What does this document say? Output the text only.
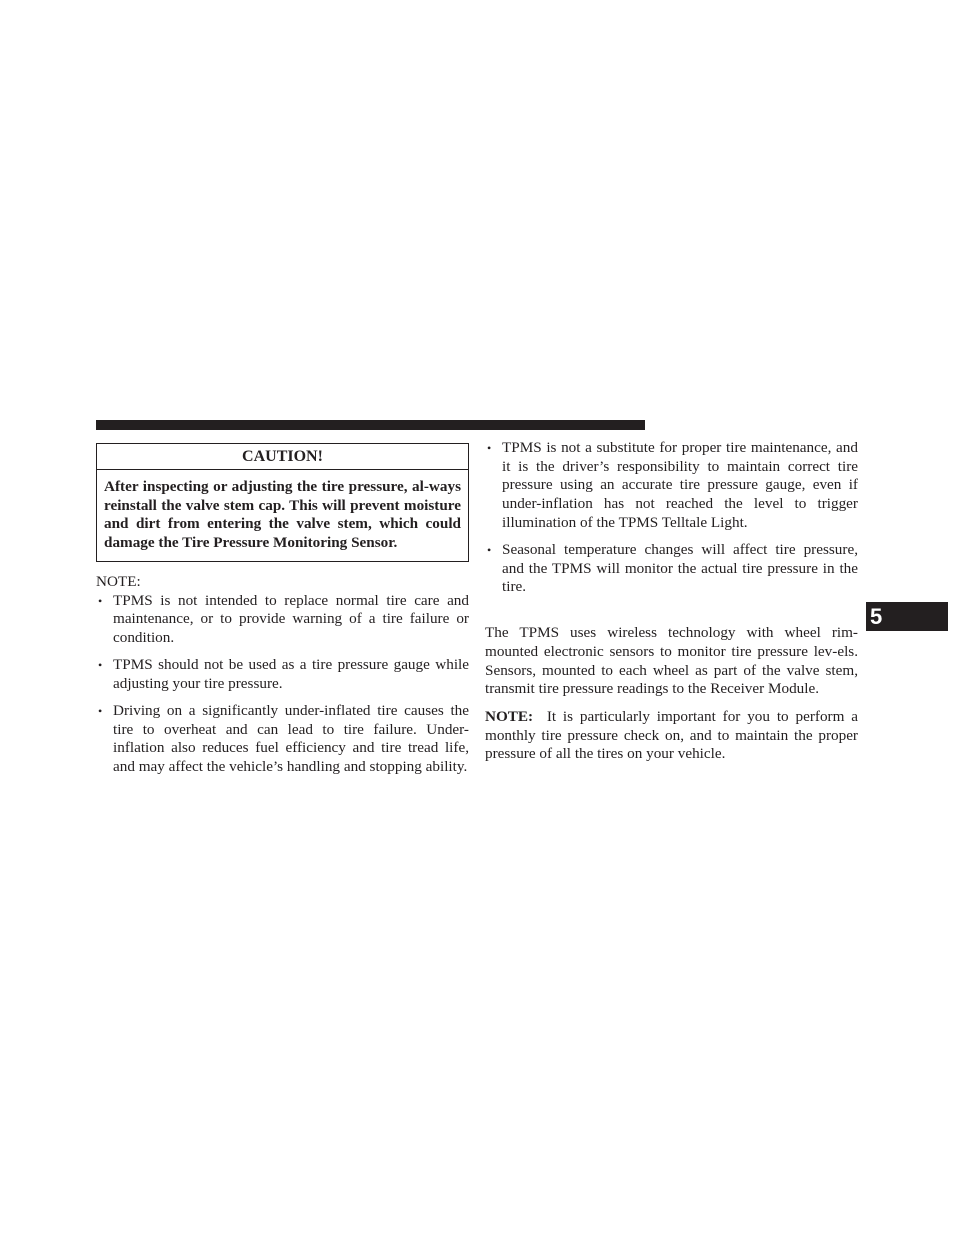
CAUTION!
After inspecting or adjusting the tire pressure, al-ways reinstall the valve stem cap. This will prevent moisture and dirt from entering the valve stem, which could damage the Tire Pressure Monitoring Sensor.
NOTE:
• TPMS is not intended to replace normal tire care and maintenance, or to provide warning of a tire failure or condition.
• TPMS should not be used as a tire pressure gauge while adjusting your tire pressure.
• Driving on a significantly under-inflated tire causes the tire to overheat and can lead to tire failure. Under-inflation also reduces fuel efficiency and tire tread life, and may affect the vehicle’s handling and stopping ability.
• TPMS is not a substitute for proper tire maintenance, and it is the driver’s responsibility to maintain correct tire pressure using an accurate tire pressure gauge, even if under-inflation has not reached the level to trigger illumination of the TPMS Telltale Light.
• Seasonal temperature changes will affect tire pressure, and the TPMS will monitor the actual tire pressure in the tire.

The TPMS uses wireless technology with wheel rim-mounted electronic sensors to monitor tire pressure lev-els. Sensors, mounted to each wheel as part of the valve stem, transmit tire pressure readings to the Receiver Module.

NOTE: It is particularly important for you to perform a monthly tire pressure check on, and to maintain the proper pressure of all the tires on your vehicle.

5
